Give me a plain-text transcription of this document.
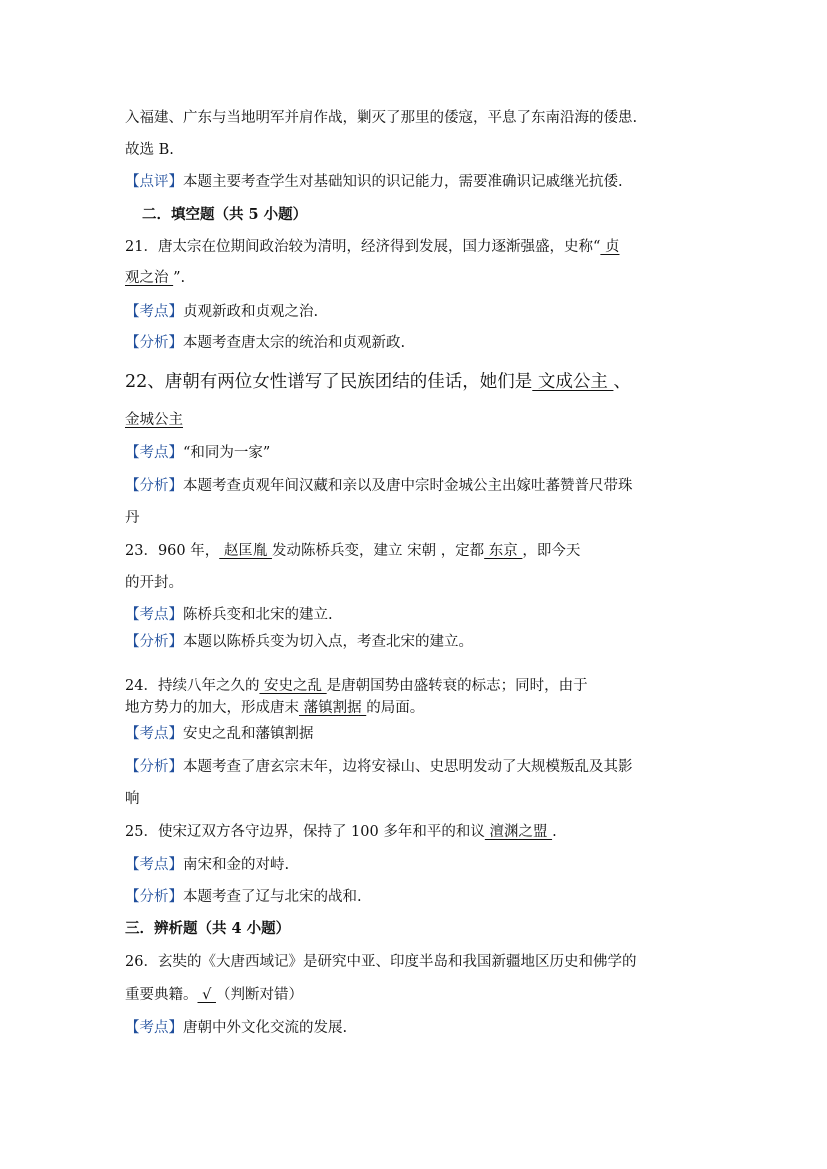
入福建、广东与当地明军并肩作战，剿灭了那里的倭寇，平息了东南沿海的倭患.
故选 B.
【点评】本题主要考查学生对基础知识的识记能力，需要准确识记戚继光抗倭.
二．填空题（共 5 小题）
21．唐太宗在位期间政治较为清明，经济得到发展，国力逐渐强盛，史称“ 贞
观之治 ”.
【考点】贞观新政和贞观之治.
【分析】本题考查唐太宗的统治和贞观新政.
22、唐朝有两位女性谱写了民族团结的佳话，她们是 文成公主 、
金城公主
【考点】“和同为一家”
【分析】本题考查贞观年间汉藏和亲以及唐中宗时金城公主出嫁吐蕃赞普尺带珠
丹
23．960 年， 赵匡胤 发动陈桥兵变，建立 宋朝 ，定都 东京 ，即今天
的开封。
【考点】陈桥兵变和北宋的建立.
【分析】本题以陈桥兵变为切入点，考查北宋的建立。
24．持续八年之久的 安史之乱 是唐朝国势由盛转衰的标志；同时，由于
地方势力的加大，形成唐末 藩镇割据 的局面。
【考点】安史之乱和藩镇割据
【分析】本题考查了唐玄宗末年，边将安禄山、史思明发动了大规模叛乱及其影
响
25．使宋辽双方各守边界，保持了 100 多年和平的和议 澶渊之盟 .
【考点】南宋和金的对峙.
【分析】本题考查了辽与北宋的战和.
三．辨析题（共 4 小题）
26．玄奘的《大唐西域记》是研究中亚、印度半岛和我国新疆地区历史和佛学的
重要典籍。 √ （判断对错）
【考点】唐朝中外文化交流的发展.
